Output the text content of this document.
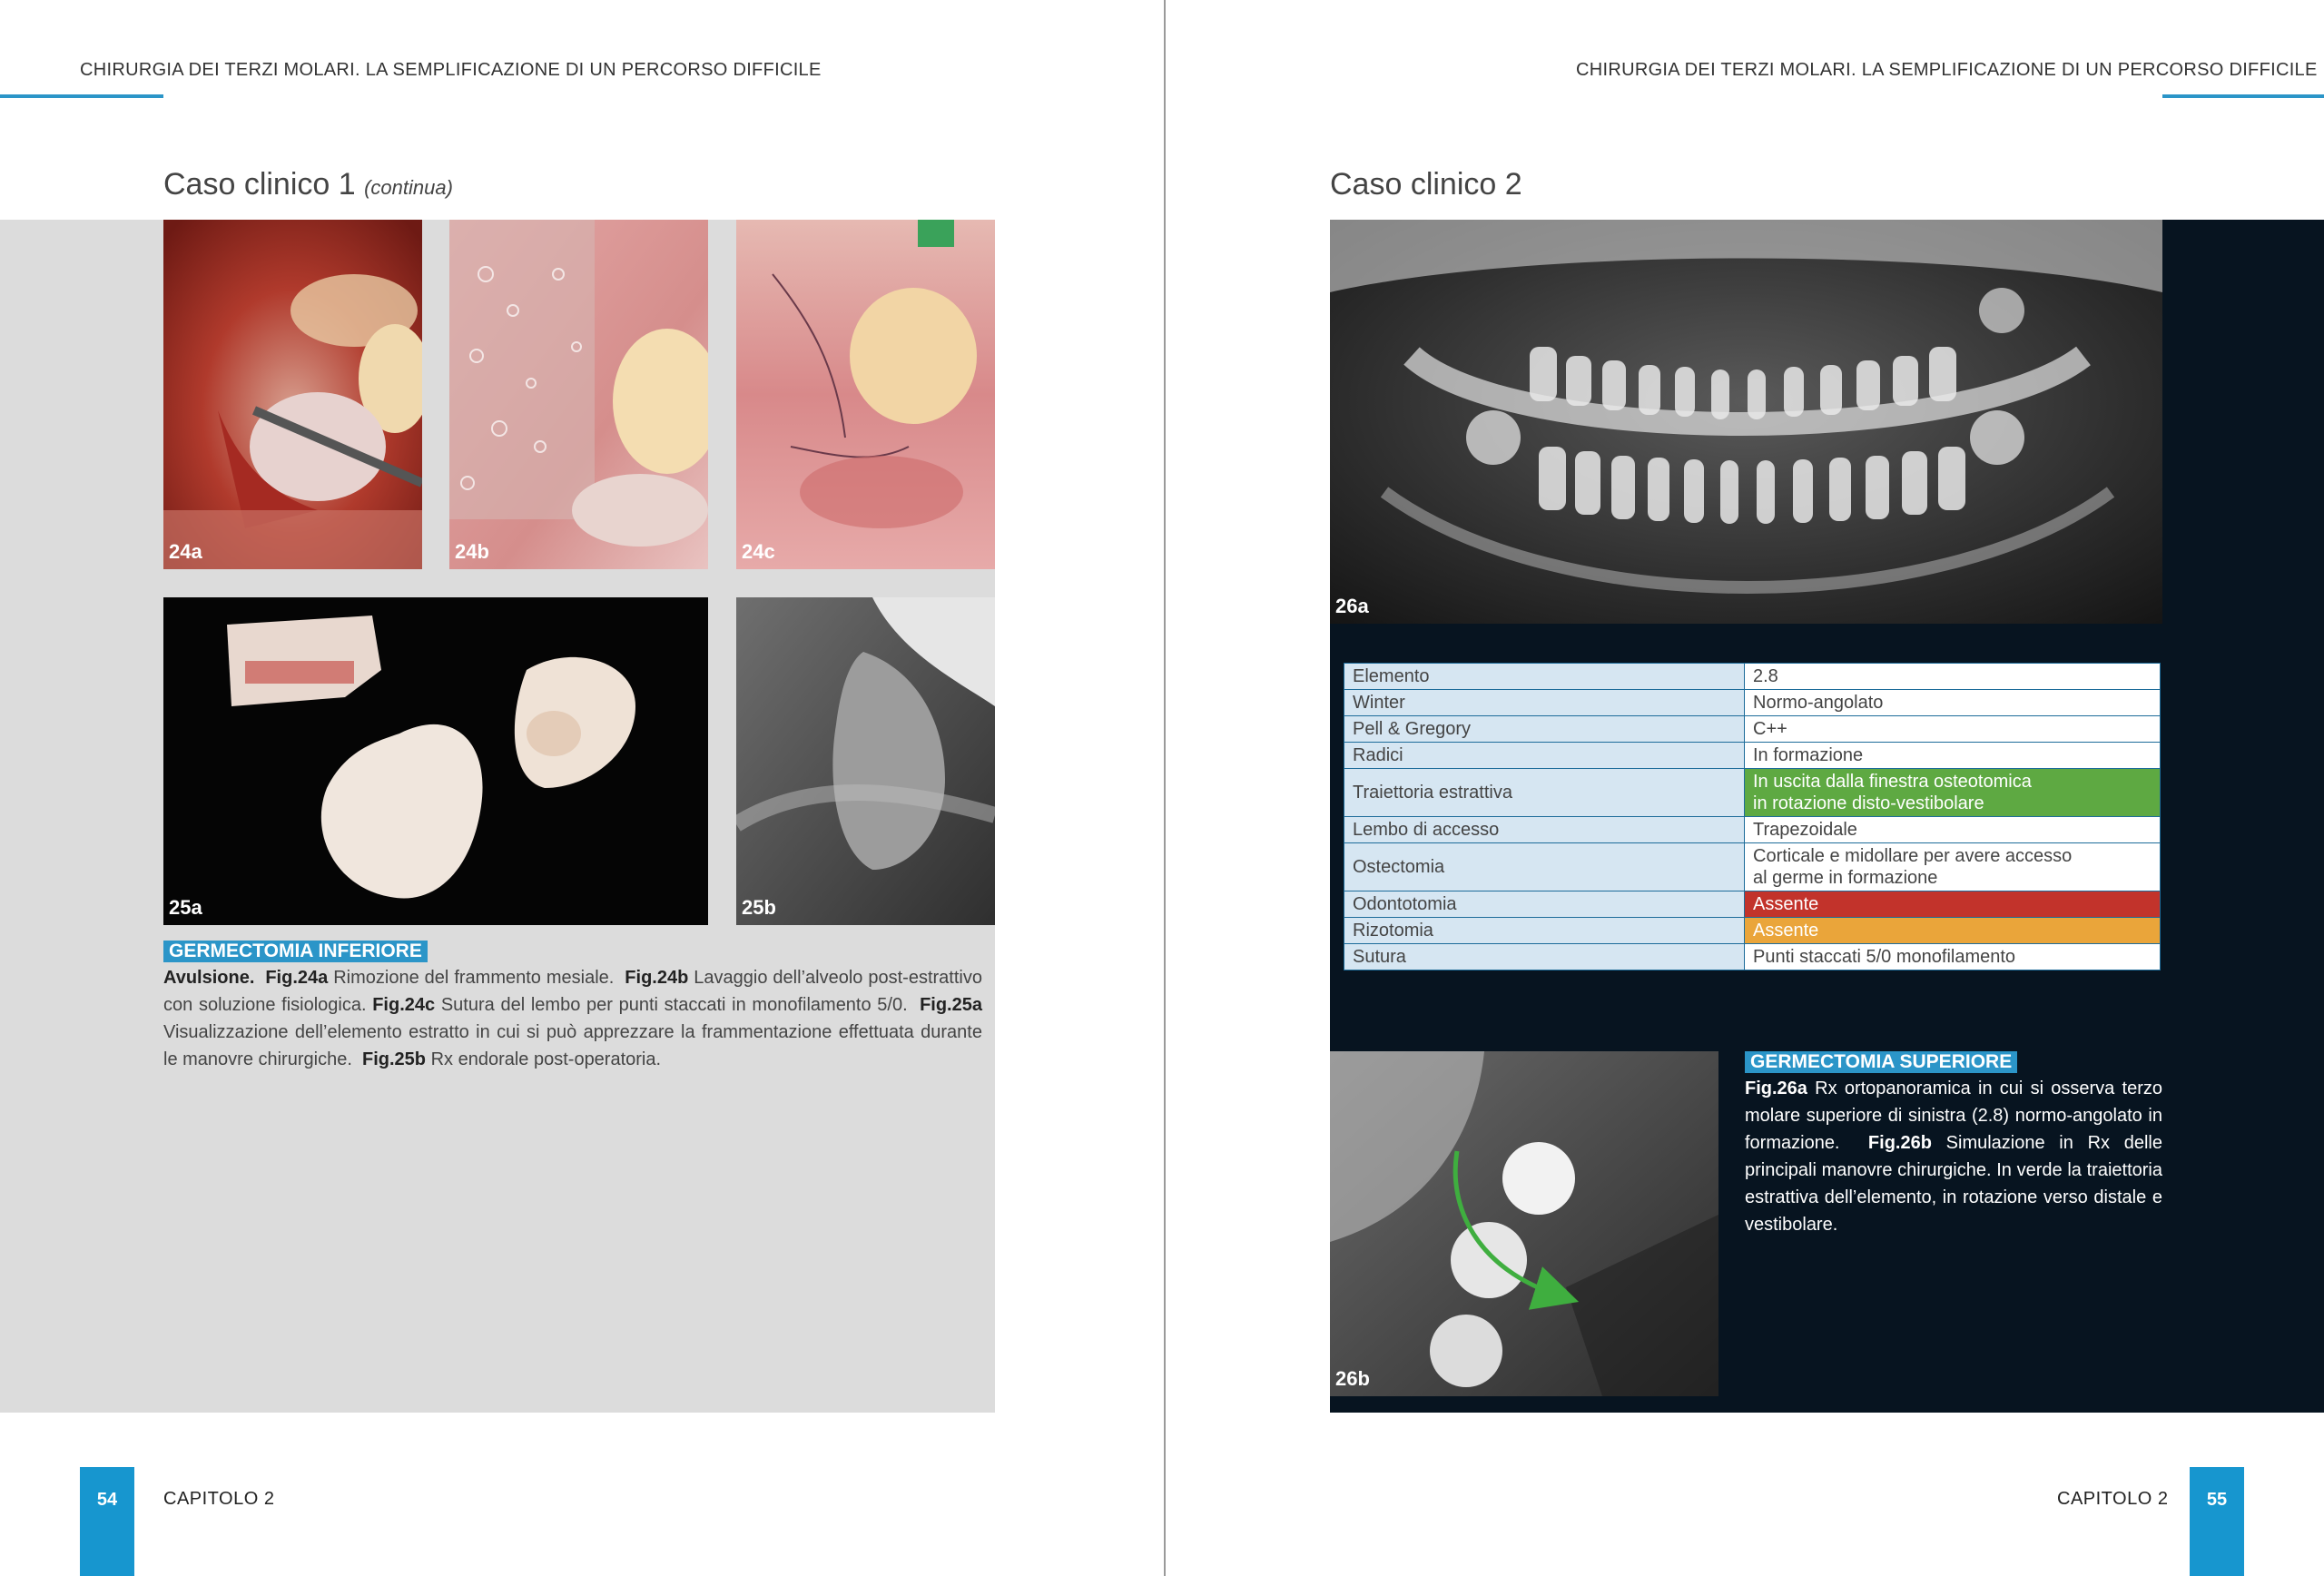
CHIRURGIA DEI TERZI MOLARI. LA SEMPLIFICAZIONE DI UN PERCORSO DIFFICILE
Caso clinico 1 (continua)
24a	24b	24c
25a	25b
GERMECTOMIA INFERIORE
Avulsione. Fig.24a Rimozione del frammento mesiale. Fig.24b Lavaggio dell’alveolo post-estrattivo con soluzione fisiologica. Fig.24c Sutura del lembo per punti staccati in monofilamento 5/0. Fig.25a Visualizzazione dell’elemento estratto in cui si può apprezzare la frammentazione effettuata durante le manovre chirurgiche. Fig.25b Rx endorale post-operatoria.
54	CAPITOLO 2
CHIRURGIA DEI TERZI MOLARI. LA SEMPLIFICAZIONE DI UN PERCORSO DIFFICILE
Caso clinico 2
26a
Elemento	2.8

Winter	Normo-angolato

Pell & Gregory	C++

Radici	In formazione

Traiettoria estrattiva	In uscita dalla finestra osteotomica
in rotazione disto-vestibolare

Lembo di accesso	Trapezoidale

Ostectomia	Corticale e midollare per avere accesso
al germe in formazione

Odontotomia	Assente

Rizotomia	Assente

Sutura	Punti staccati 5/0 monofilamento
26b
GERMECTOMIA SUPERIORE
Fig.26a Rx ortopanoramica in cui si osserva terzo molare superiore di sinistra (2.8) normo-angolato in formazione. Fig.26b Simulazione in Rx delle principali manovre chirurgiche. In verde la traiettoria estrattiva dell’elemento, in rotazione verso distale e vestibolare.
CAPITOLO 2	55
